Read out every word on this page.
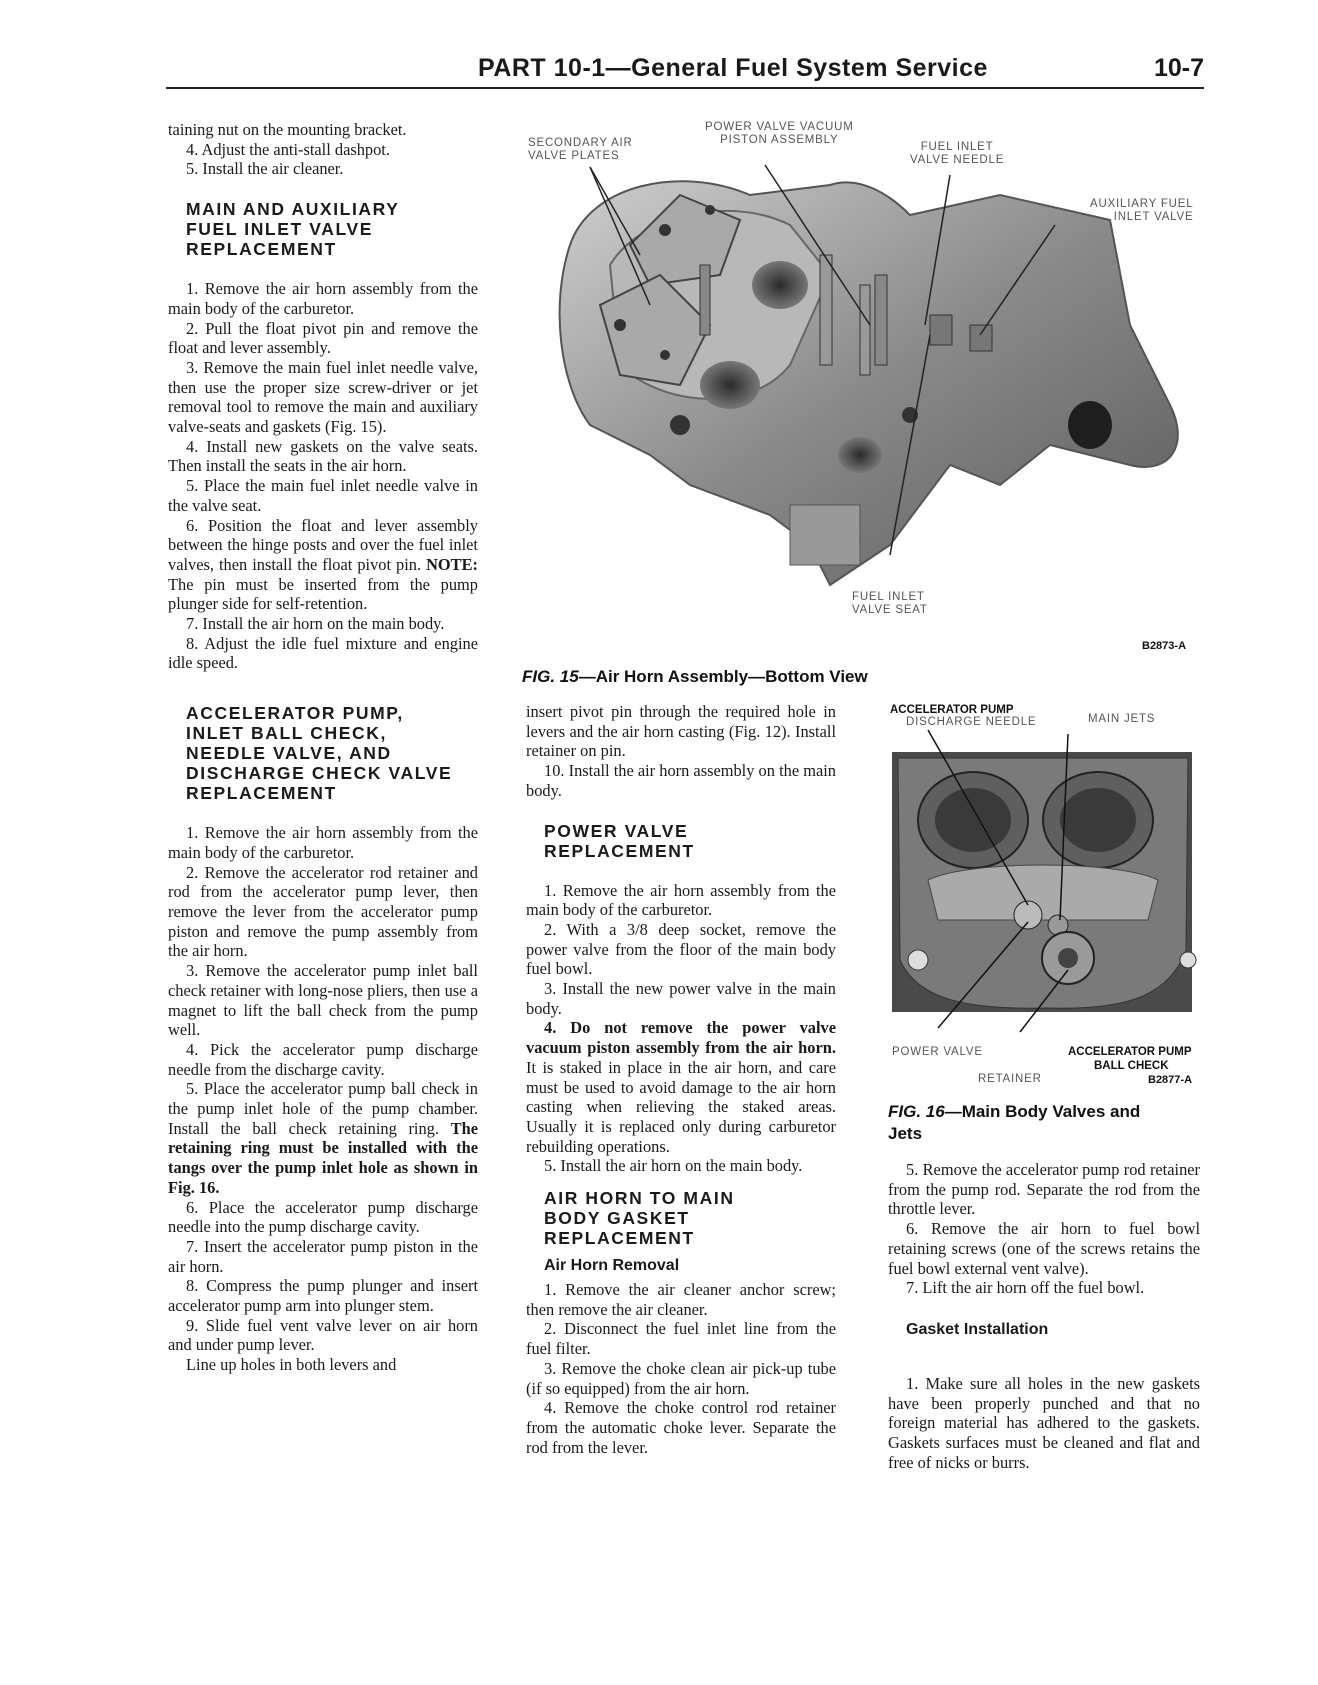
PART 10-1—General Fuel System Service	10-7

taining nut on the mounting bracket.

4. Adjust the anti-stall dashpot.

5. Install the air cleaner.

MAIN AND AUXILIARY
FUEL INLET VALVE
REPLACEMENT

1. Remove the air horn assembly from the main body of the carburetor.

2. Pull the float pivot pin and remove the float and lever assembly.

3. Remove the main fuel inlet needle valve, then use the proper size screw-driver or jet removal tool to remove the main and auxiliary valve-seats and gaskets (Fig. 15).

4. Install new gaskets on the valve seats. Then install the seats in the air horn.

5. Place the main fuel inlet needle valve in the valve seat.

6. Position the float and lever assembly between the hinge posts and over the fuel inlet valves, then install the float pivot pin. NOTE: The pin must be inserted from the pump plunger side for self-retention.

7. Install the air horn on the main body.

8. Adjust the idle fuel mixture and engine idle speed.

ACCELERATOR PUMP,
INLET BALL CHECK,
NEEDLE VALVE, AND
DISCHARGE CHECK VALVE
REPLACEMENT

1. Remove the air horn assembly from the main body of the carburetor.

2. Remove the accelerator rod retainer and rod from the accelerator pump lever, then remove the lever from the accelerator pump piston and remove the pump assembly from the air horn.

3. Remove the accelerator pump inlet ball check retainer with long-nose pliers, then use a magnet to lift the ball check from the pump well.

4. Pick the accelerator pump discharge needle from the discharge cavity.

5. Place the accelerator pump ball check in the pump inlet hole of the pump chamber. Install the ball check retaining ring. The retaining ring must be installed with the tangs over the pump inlet hole as shown in Fig. 16.

6. Place the accelerator pump discharge needle into the pump discharge cavity.

7. Insert the accelerator pump piston in the air horn.

8. Compress the pump plunger and insert accelerator pump arm into plunger stem.

9. Slide fuel vent valve lever on air horn and under pump lever.

Line up holes in both levers and

SECONDARY AIR
VALVE PLATES
POWER VALVE VACUUM
PISTON ASSEMBLY
FUEL INLET
VALVE NEEDLE
AUXILIARY FUEL
INLET VALVE
FUEL INLET
VALVE SEAT
B2873-A
FIG. 15—Air Horn Assembly—Bottom View
ACCELERATOR PUMP
DISCHARGE NEEDLE	MAIN JETS
POWER VALVE	ACCELERATOR PUMP
BALL CHECK
RETAINER	B2877-A
FIG. 16—Main Body Valves and
Jets

insert pivot pin through the required hole in levers and the air horn casting (Fig. 12). Install retainer on pin.

10. Install the air horn assembly on the main body.

POWER VALVE
REPLACEMENT

1. Remove the air horn assembly from the main body of the carburetor.

2. With a 3/8 deep socket, remove the power valve from the floor of the main body fuel bowl.

3. Install the new power valve in the main body.

4. Do not remove the power valve vacuum piston assembly from the air horn. It is staked in place in the air horn, and care must be used to avoid damage to the air horn casting when relieving the staked areas. Usually it is replaced only during carburetor rebuilding operations.

5. Install the air horn on the main body.

AIR HORN TO MAIN
BODY GASKET
REPLACEMENT
Air Horn Removal

1. Remove the air cleaner anchor screw; then remove the air cleaner.

2. Disconnect the fuel inlet line from the fuel filter.

3. Remove the choke clean air pick-up tube (if so equipped) from the air horn.

4. Remove the choke control rod retainer from the automatic choke lever. Separate the rod from the lever.

5. Remove the accelerator pump rod retainer from the pump rod. Separate the rod from the throttle lever.

6. Remove the air horn to fuel bowl retaining screws (one of the screws retains the fuel bowl external vent valve).

7. Lift the air horn off the fuel bowl.

Gasket Installation

1. Make sure all holes in the new gaskets have been properly punched and that no foreign material has adhered to the gaskets. Gaskets surfaces must be cleaned and flat and free of nicks or burrs.
